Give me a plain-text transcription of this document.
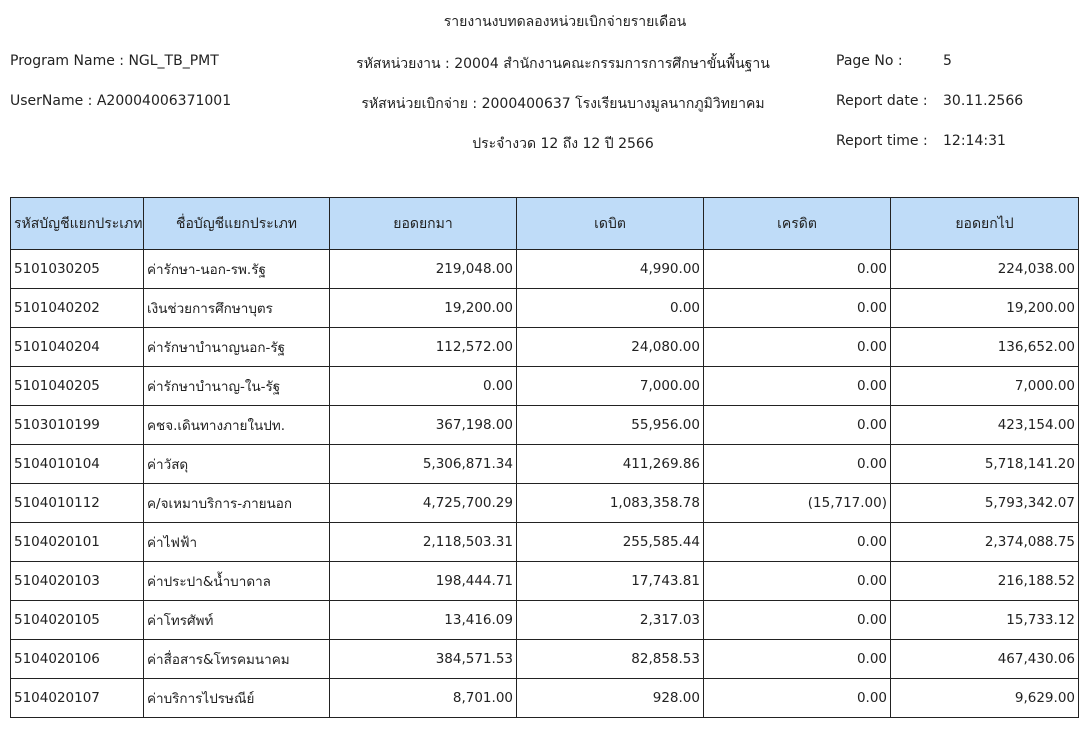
รายงานงบทดลองหน่วยเบิกจ่ายรายเดือน
Program Name : NGL_TB_PMT
UserName : A20004006371001
รหัสหน่วยงาน : 20004 สำนักงานคณะกรรมการการศึกษาขั้นพื้นฐาน
รหัสหน่วยเบิกจ่าย : 2000400637 โรงเรียนบางมูลนากภูมิวิทยาคม
ประจำงวด 12 ถึง 12 ปี 2566
Page No :	5
Report date : 30.11.2566
Report time : 12:14:31
รหัสบัญชีแยกประเภท	ชื่อบัญชีแยกประเภท	ยอดยกมา	เดบิต	เครดิต	ยอดยกไป
5101030205	ค่ารักษา-นอก-รพ.รัฐ	219,048.00	4,990.00	0.00	224,038.00
5101040202	เงินช่วยการศึกษาบุตร	19,200.00	0.00	0.00	19,200.00
5101040204	ค่ารักษาบำนาญนอก-รัฐ	112,572.00	24,080.00	0.00	136,652.00
5101040205	ค่ารักษาบำนาญ-ใน-รัฐ	0.00	7,000.00	0.00	7,000.00
5103010199	คชจ.เดินทางภายในปท.	367,198.00	55,956.00	0.00	423,154.00
5104010104	ค่าวัสดุ	5,306,871.34	411,269.86	0.00	5,718,141.20
5104010112	ค/จเหมาบริการ-ภายนอก	4,725,700.29	1,083,358.78	(15,717.00)	5,793,342.07
5104020101	ค่าไฟฟ้า	2,118,503.31	255,585.44	0.00	2,374,088.75
5104020103	ค่าประปา&น้ำบาดาล	198,444.71	17,743.81	0.00	216,188.52
5104020105	ค่าโทรศัพท์	13,416.09	2,317.03	0.00	15,733.12
5104020106	ค่าสื่อสาร&โทรคมนาคม	384,571.53	82,858.53	0.00	467,430.06
5104020107	ค่าบริการไปรษณีย์	8,701.00	928.00	0.00	9,629.00
